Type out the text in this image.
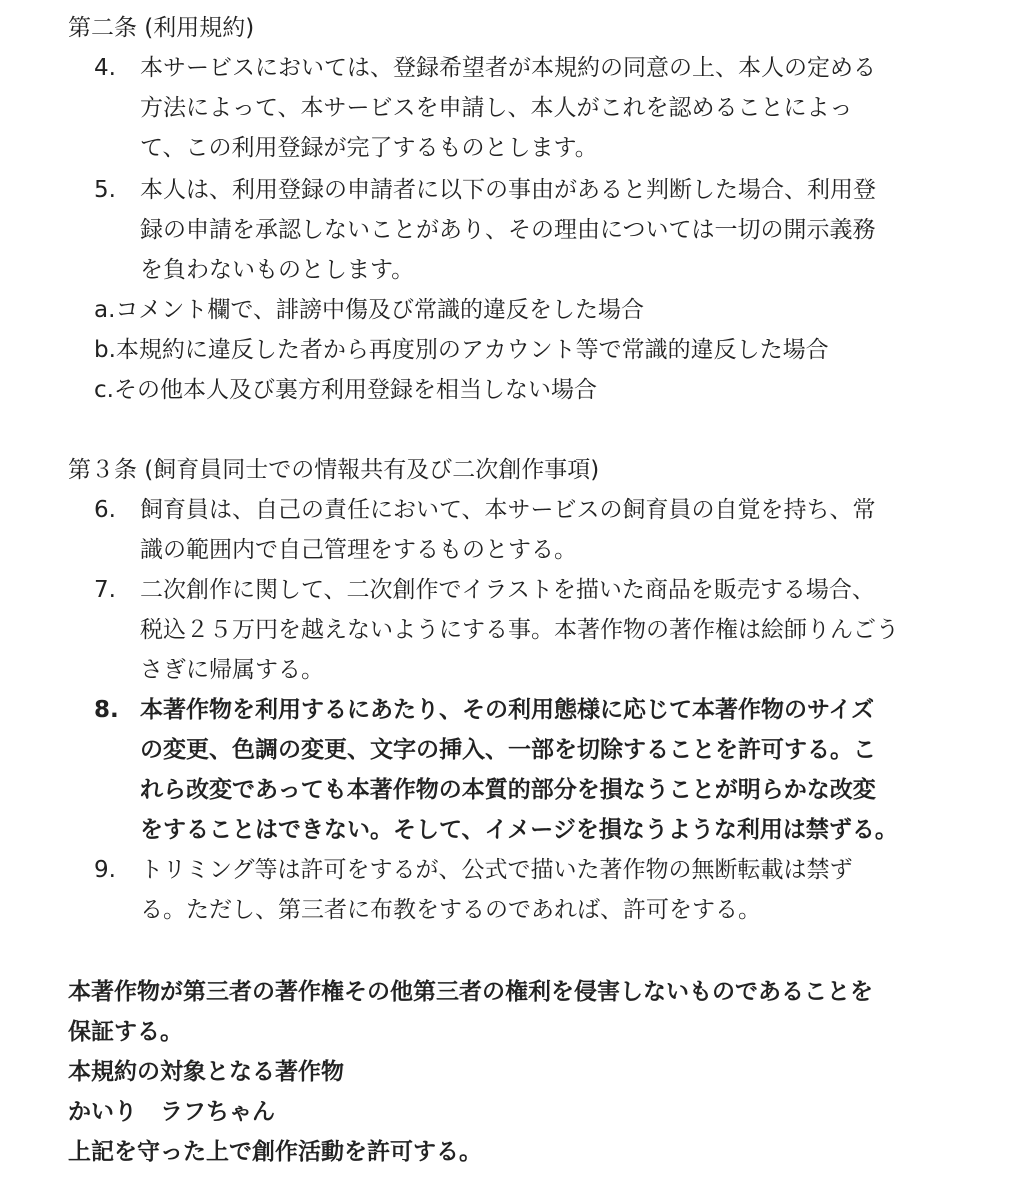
第二条 (利用規約)
4.	本サービスにおいては、登録希望者が本規約の同意の上、本人の定める
方法によって、本サービスを申請し、本人がこれを認めることによっ
て、この利用登録が完了するものとします。
5.	本人は、利用登録の申請者に以下の事由があると判断した場合、利用登
録の申請を承認しないことがあり、その理由については一切の開示義務
を負わないものとします。
a.コメント欄で、誹謗中傷及び常識的違反をした場合
b.本規約に違反した者から再度別のアカウント等で常識的違反した場合
c.その他本人及び裏方利用登録を相当しない場合
第３条 (飼育員同士での情報共有及び二次創作事項)
6.	飼育員は、自己の責任において、本サービスの飼育員の自覚を持ち、常
識の範囲内で自己管理をするものとする。
7.	二次創作に関して、二次創作でイラストを描いた商品を販売する場合、
税込２５万円を越えないようにする事。本著作物の著作権は絵師りんごう
さぎに帰属する。
8. 本著作物を利用するにあたり、その利用態様に応じて本著作物のサイズ
の変更、色調の変更、文字の挿入、一部を切除することを許可する。こ
れら改変であっても本著作物の本質的部分を損なうことが明らかな改変
をすることはできない。そして、イメージを損なうような利用は禁ずる。
9.	トリミング等は許可をするが、公式で描いた著作物の無断転載は禁ず
る。ただし、第三者に布教をするのであれば、許可をする。
本著作物が第三者の著作権その他第三者の権利を侵害しないものであることを
保証する。
本規約の対象となる著作物
かいり　ラフちゃん
上記を守った上で創作活動を許可する。
